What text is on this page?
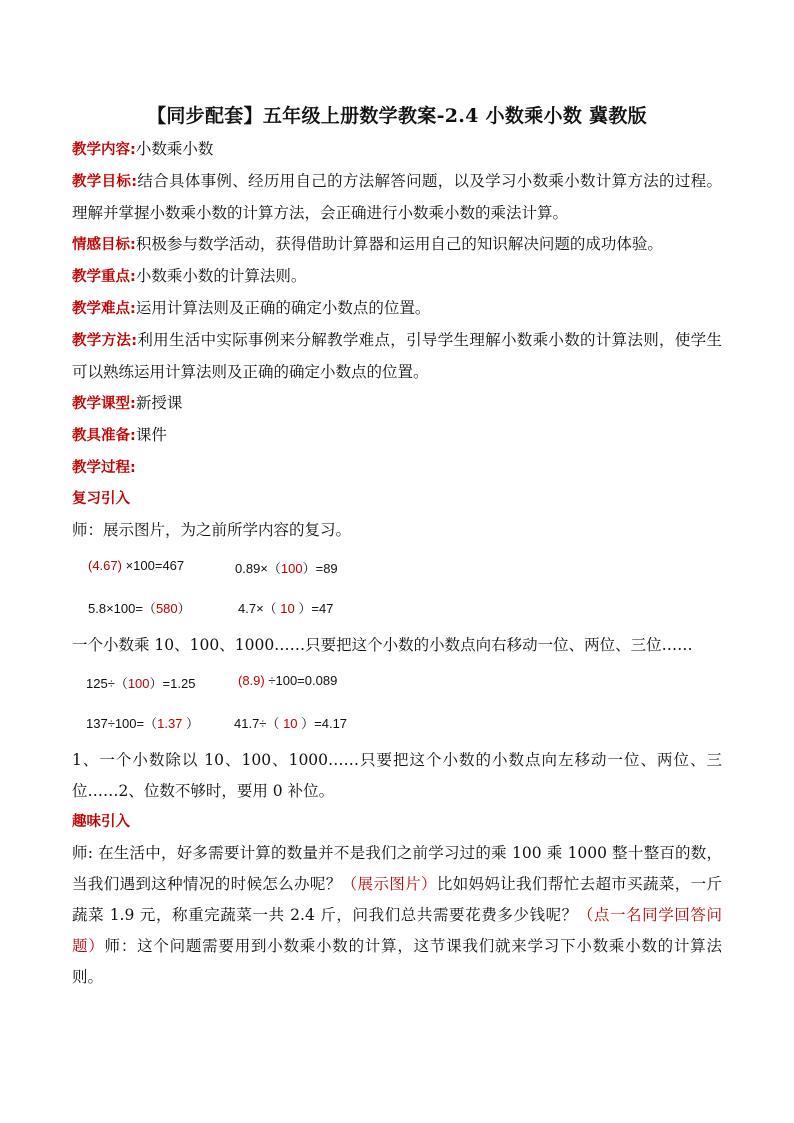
【同步配套】五年级上册数学教案-2.4 小数乘小数 冀教版

教学内容:小数乘小数

教学目标:结合具体事例、经历用自己的方法解答问题，以及学习小数乘小数计算方法的过程。理解并掌握小数乘小数的计算方法，会正确进行小数乘小数的乘法计算。

情感目标:积极参与数学活动，获得借助计算器和运用自己的知识解决问题的成功体验。

教学重点:小数乘小数的计算法则。

教学难点:运用计算法则及正确的确定小数点的位置。

教学方法:利用生活中实际事例来分解教学难点，引导学生理解小数乘小数的计算法则，使学生可以熟练运用计算法则及正确的确定小数点的位置。

教学课型:新授课

教具准备:课件

教学过程:

复习引入

师：展示图片，为之前所学内容的复习。

(4.67) ×100=467	0.89×（100）=89
5.8×100=（580）	4.7×（ 10 ）=47

一个小数乘 10、100、1000……只要把这个小数的小数点向右移动一位、两位、三位……

125÷（100）=1.25	(8.9) ÷100=0.089
137÷100=（1.37 ）	41.7÷（ 10 ）=4.17

1、一个小数除以 10、100、1000……只要把这个小数的小数点向左移动一位、两位、三位……2、位数不够时，要用 0 补位。

趣味引入

师: 在生活中，好多需要计算的数量并不是我们之前学习过的乘 100 乘 1000 整十整百的数，当我们遇到这种情况的时候怎么办呢？（展示图片）比如妈妈让我们帮忙去超市买蔬菜，一斤蔬菜 1.9 元，称重完蔬菜一共 2.4 斤，问我们总共需要花费多少钱呢？（点一名同学回答问题）师：这个问题需要用到小数乘小数的计算，这节课我们就来学习下小数乘小数的计算法则。
